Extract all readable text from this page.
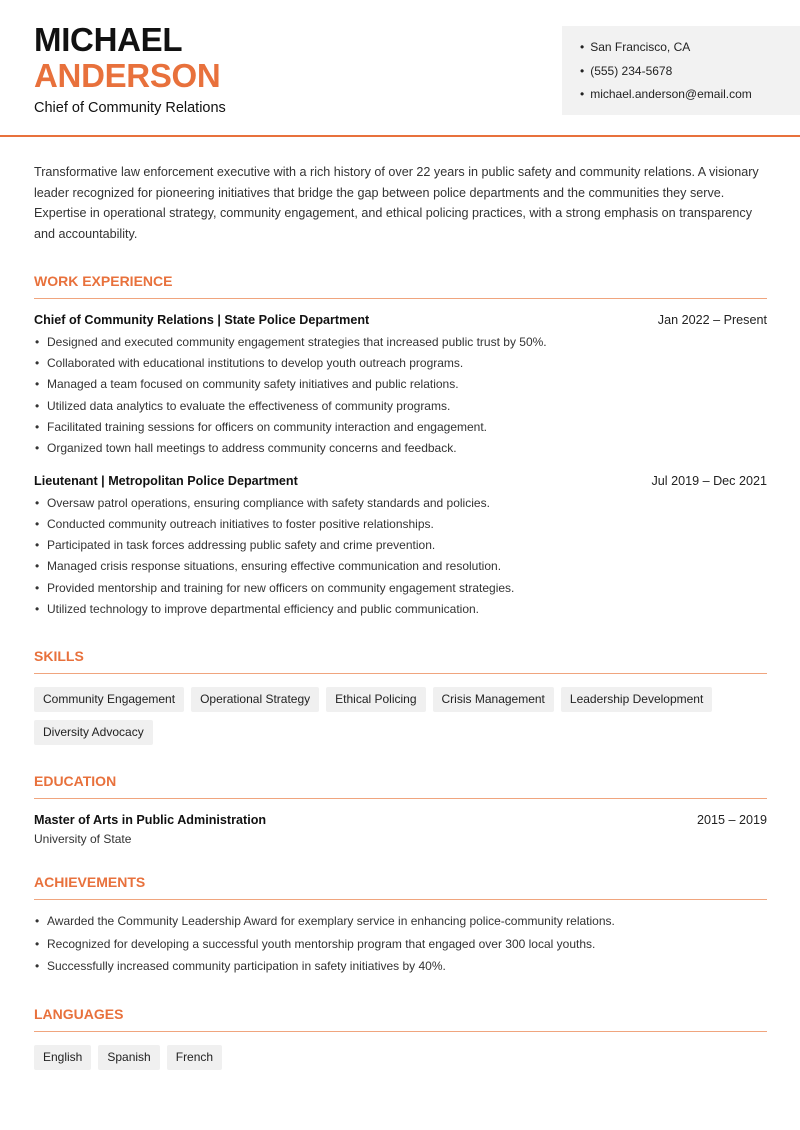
MICHAEL
ANDERSON
Chief of Community Relations
• San Francisco, CA
• (555) 234-5678
• michael.anderson@email.com

Transformative law enforcement executive with a rich history of over 22 years in public safety and community relations. A visionary leader recognized for pioneering initiatives that bridge the gap between police departments and the communities they serve. Expertise in operational strategy, community engagement, and ethical policing practices, with a strong emphasis on transparency and accountability.

WORK EXPERIENCE
Chief of Community Relations | State Police Department	Jan 2022 – Present
• Designed and executed community engagement strategies that increased public trust by 50%.
• Collaborated with educational institutions to develop youth outreach programs.
• Managed a team focused on community safety initiatives and public relations.
• Utilized data analytics to evaluate the effectiveness of community programs.
• Facilitated training sessions for officers on community interaction and engagement.
• Organized town hall meetings to address community concerns and feedback.
Lieutenant | Metropolitan Police Department	Jul 2019 – Dec 2021
• Oversaw patrol operations, ensuring compliance with safety standards and policies.
• Conducted community outreach initiatives to foster positive relationships.
• Participated in task forces addressing public safety and crime prevention.
• Managed crisis response situations, ensuring effective communication and resolution.
• Provided mentorship and training for new officers on community engagement strategies.
• Utilized technology to improve departmental efficiency and public communication.
SKILLS
Community Engagement	Operational Strategy	Ethical Policing	Crisis Management	Leadership Development
Diversity Advocacy
EDUCATION
Master of Arts in Public Administration	2015 – 2019
University of State
ACHIEVEMENTS
• Awarded the Community Leadership Award for exemplary service in enhancing police-community relations.
• Recognized for developing a successful youth mentorship program that engaged over 300 local youths.
• Successfully increased community participation in safety initiatives by 40%.
LANGUAGES
English	Spanish	French
